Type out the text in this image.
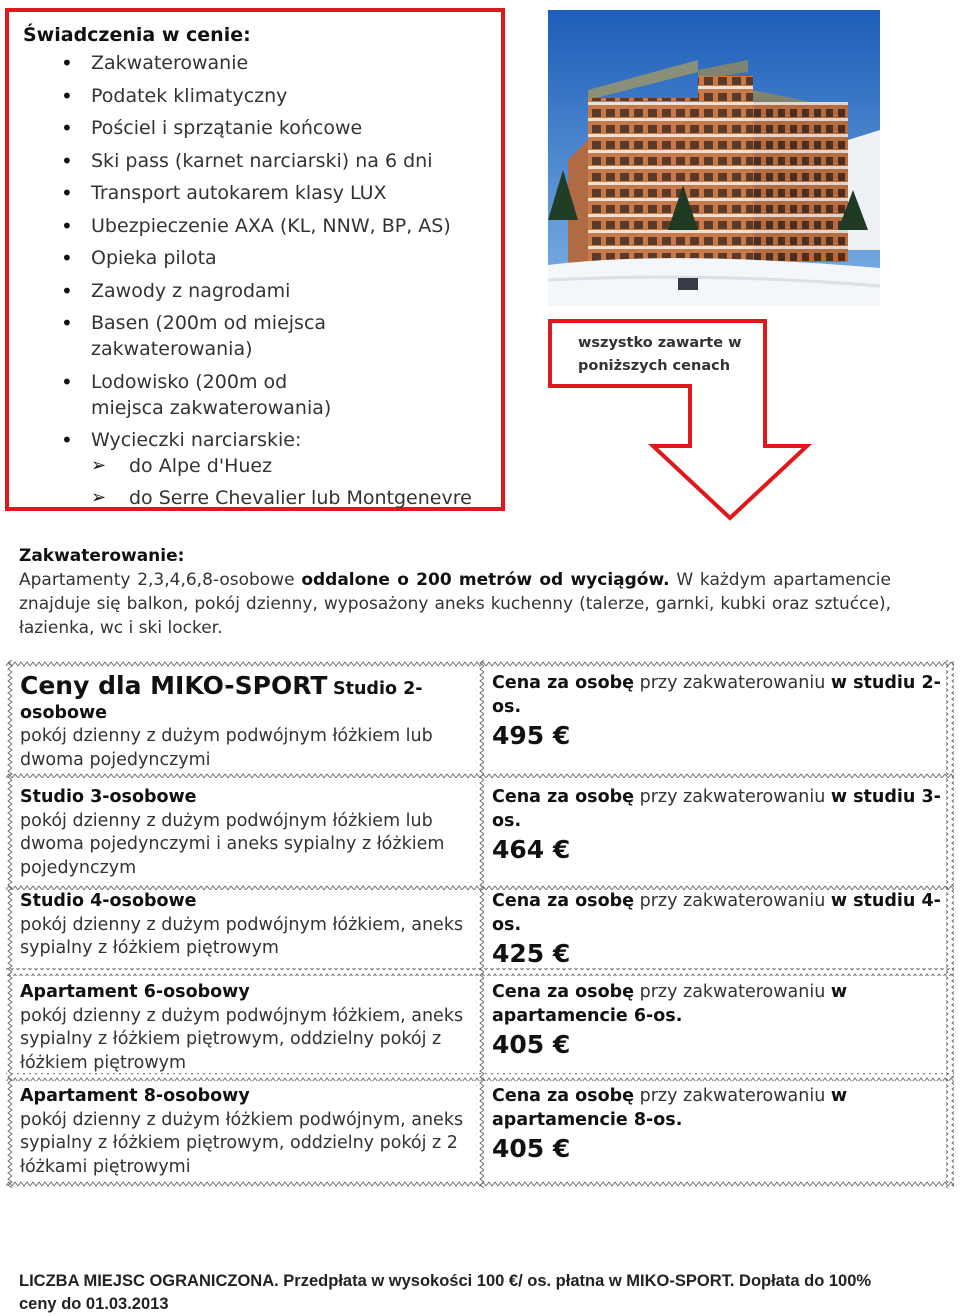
Świadczenia w cenie:
• Zakwaterowanie
• Podatek klimatyczny
• Pościel i sprzątanie końcowe
• Ski pass (karnet narciarski) na 6 dni
• Transport autokarem klasy LUX
• Ubezpieczenie AXA (KL, NNW, BP, AS)
• Opieka pilota
• Zawody z nagrodami
• Basen (200m od miejsca zakwaterowania)
• Lodowisko (200m od miejsca zakwaterowania)
• Wycieczki narciarskie:
➢ do Alpe d'Huez
➢ do Serre Chevalier lub Montgenevre
wszystko zawarte w
poniższych cenach
Zakwaterowanie:

Apartamenty 2,3,4,6,8-osobowe oddalone o 200 metrów od wyciągów. W każdym apartamencie znajduje się balkon, pokój dzienny, wyposażony aneks kuchenny (talerze, garnki, kubki oraz sztućce), łazienka, wc i ski locker.

Ceny dla MIKO-SPORT Studio 2-osobowe
pokój dzienny z dużym podwójnym łóżkiem lub dwoma pojedynczymi
Cena za osobę przy zakwaterowaniu w studiu 2-os.
495 €
Studio 3-osobowe
pokój dzienny z dużym podwójnym łóżkiem lub dwoma pojedynczymi i aneks sypialny z łóżkiem pojedynczym
Cena za osobę przy zakwaterowaniu w studiu 3-os.
464 €
Studio 4-osobowe
pokój dzienny z dużym podwójnym łóżkiem, aneks sypialny z łóżkiem piętrowym
Cena za osobę przy zakwaterowaniu w studiu 4-os.
425 €
Apartament 6-osobowy
pokój dzienny z dużym podwójnym łóżkiem, aneks sypialny z łóżkiem piętrowym, oddzielny pokój z łóżkiem piętrowym
Cena za osobę przy zakwaterowaniu w apartamencie 6-os.
405 €
Apartament 8-osobowy
pokój dzienny z dużym łóżkiem podwójnym, aneks sypialny z łóżkiem piętrowym, oddzielny pokój z 2 łóżkami piętrowymi
Cena za osobę przy zakwaterowaniu w apartamencie 8-os.
405 €
LICZBA MIEJSC OGRANICZONA. Przedpłata w wysokości 100 €/ os. płatna w MIKO-SPORT. Dopłata do 100% ceny do 01.03.2013
